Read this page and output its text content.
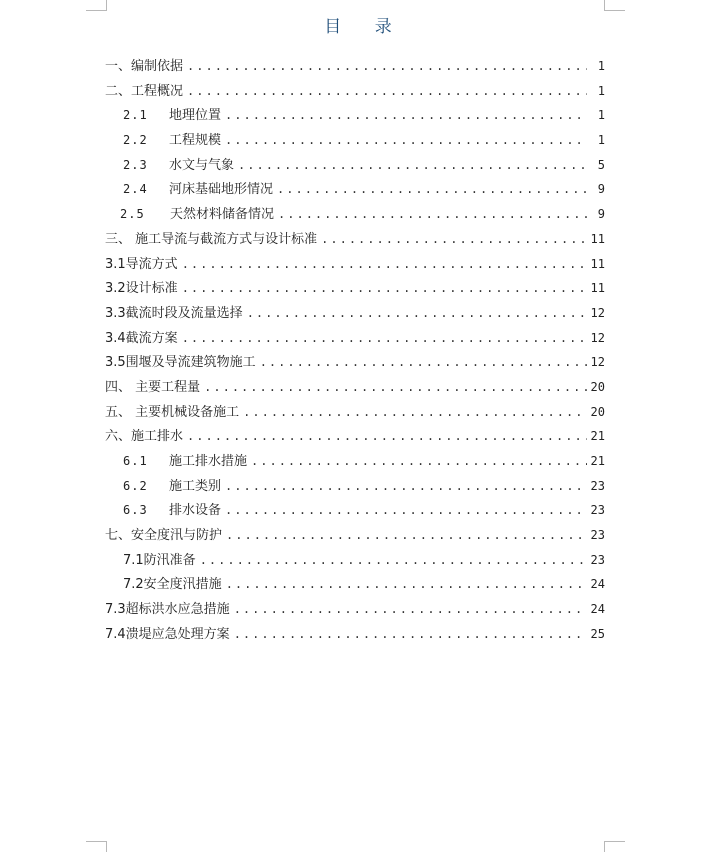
目 录
一、编制依据 .....	1
二、工程概况 .....	1
2.1	地理位置 .....	1
2.2	工程规模 .....	1
2.3	水文与气象 .....	5
2.4	河床基础地形情况 .....	9
2.5	天然材料储备情况 .....	9
三、 施工导流与截流方式与设计标准 .....	11
3.1导流方式 .....	11
3.2设计标准 .....	11
3.3截流时段及流量选择 .....	12
3.4截流方案 .....	12
3.5围堰及导流建筑物施工 .....	12
四、 主要工程量 .....	20
五、 主要机械设备施工 .....	20
六、施工排水 .....	21
6.1	施工排水措施 .....	21
6.2	施工类别 .....	23
6.3	排水设备 .....	23
七、安全度汛与防护 .....	23
7.1防汛准备 .....	23
7.2安全度汛措施 .....	24
7.3超标洪水应急措施 .....	24
7.4溃堤应急处理方案 .....	25
